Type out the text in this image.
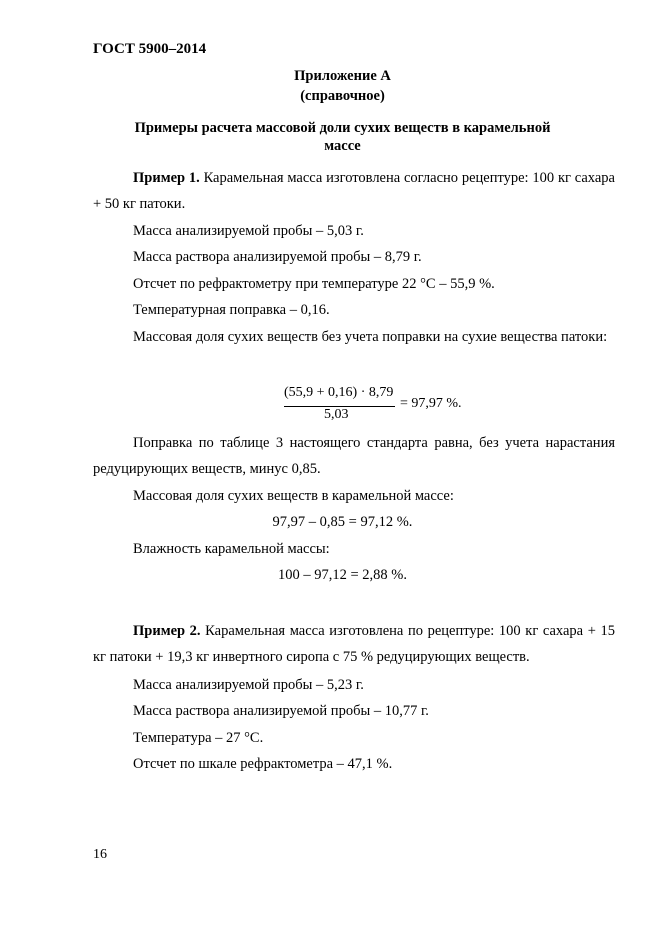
ГОСТ 5900–2014
Приложение А
(справочное)
Примеры расчета массовой доли сухих веществ в карамельной
массе
Пример 1. Карамельная масса изготовлена согласно рецептуре: 100 кг сахара + 50 кг патоки.
Масса анализируемой пробы – 5,03 г.
Масса раствора анализируемой пробы – 8,79 г.
Отсчет по рефрактометру при температуре 22 °С – 55,9 %.
Температурная поправка – 0,16.
Массовая доля сухих веществ без учета поправки на сухие вещества патоки:
(55,9 + 0,16) · 8,79
5,03
= 97,97 %.
Поправка по таблице 3 настоящего стандарта равна, без учета нарастания редуцирующих веществ, минус 0,85.
Массовая доля сухих веществ в карамельной массе:
97,97 – 0,85 = 97,12 %.
Влажность карамельной массы:
100 – 97,12 = 2,88 %.
Пример 2. Карамельная масса изготовлена по рецептуре: 100 кг сахара + 15 кг патоки + 19,3 кг инвертного сиропа с 75 % редуцирующих веществ.
Масса анализируемой пробы – 5,23 г.
Масса раствора анализируемой пробы – 10,77 г.
Температура – 27 °С.
Отсчет по шкале рефрактометра – 47,1 %.
16
